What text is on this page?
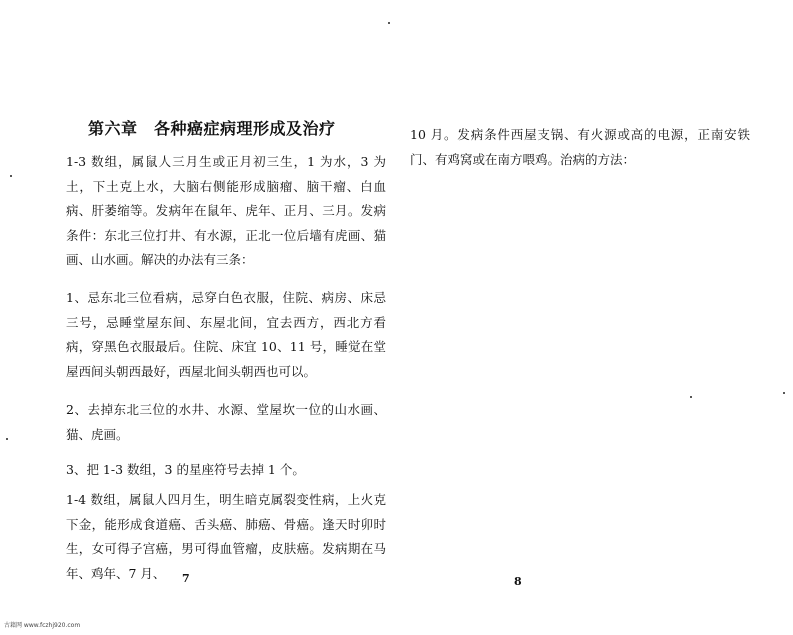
第六章　各种癌症病理形成及治疗
1-3 数组，属鼠人三月生或正月初三生，1 为水，3 为土，下土克上水，大脑右侧能形成脑瘤、脑干瘤、白血病、肝萎缩等。发病年在鼠年、虎年、正月、三月。发病条件：东北三位打井、有水源，正北一位后墙有虎画、猫画、山水画。解决的办法有三条：
1、忌东北三位看病，忌穿白色衣服，住院、病房、床忌三号，忌睡堂屋东间、东屋北间，宜去西方，西北方看病，穿黑色衣服最后。住院、床宜 10、11 号，睡觉在堂屋西间头朝西最好，西屋北间头朝西也可以。
2、去掉东北三位的水井、水源、堂屋坎一位的山水画、猫、虎画。
3、把 1-3 数组，3 的星座符号去掉 1 个。
1-4 数组，属鼠人四月生，明生暗克属裂变性病，上火克下金，能形成食道癌、舌头癌、肺癌、骨癌。逢天时卯时生，女可得子宫癌，男可得血管瘤，皮肤癌。发病期在马年、鸡年、7 月、	7
10 月。发病条件西屋支锅、有火源或高的电源，正南安铁门、有鸡窝或在南方喂鸡。治病的方法：
8
古籍网 www.fczhj920.com
